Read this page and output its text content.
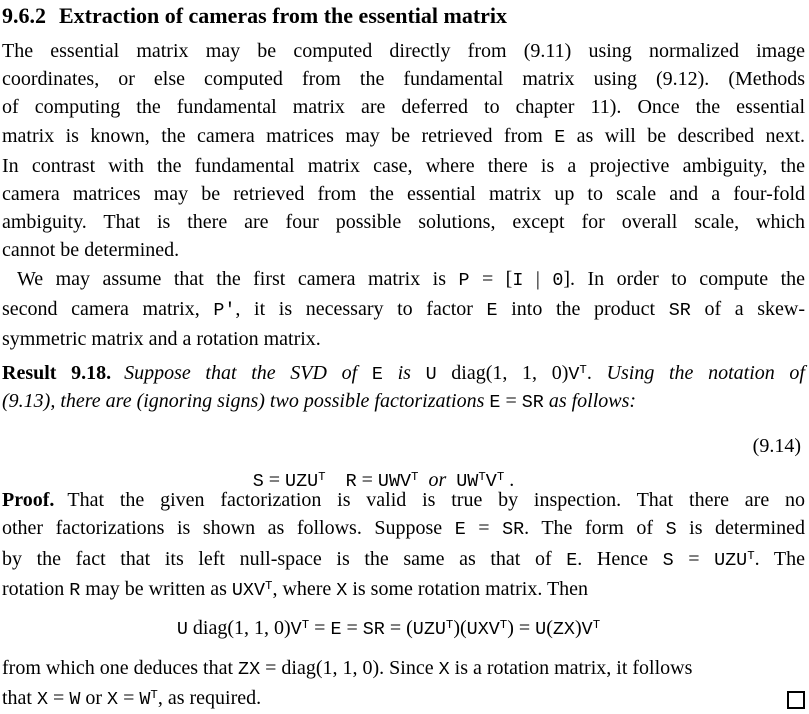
9.6.2 Extraction of cameras from the essential matrix
The essential matrix may be computed directly from (9.11) using normalized image
coordinates, or else computed from the fundamental matrix using (9.12). (Methods
of computing the fundamental matrix are deferred to chapter 11). Once the essential
matrix is known, the camera matrices may be retrieved from E as will be described next.
In contrast with the fundamental matrix case, where there is a projective ambiguity, the
camera matrices may be retrieved from the essential matrix up to scale and a four-fold
ambiguity. That is there are four possible solutions, except for overall scale, which
cannot be determined.
We may assume that the first camera matrix is P = [I | 0]. In order to compute the
second camera matrix, P′, it is necessary to factor E into the product SR of a skew-
symmetric matrix and a rotation matrix.
Result 9.18. Suppose that the SVD of E is U diag(1, 1, $0)V^T$. Using the notation of
(9.13), there are (ignoring signs) two possible factorizations E = SR as follows:

$S = UZU^T$ $R = UWV^T$ or $UW^TV^T$ .

(9.14)

Proof. That the given factorization is valid is true by inspection. That there are no
other factorizations is shown as follows. Suppose E = SR. The form of S is determined
by the fact that its left null-space is the same as that of E. Hence $S = UZU^T$. The
rotation R may be written as $UXV^T$, where X is some rotation matrix. Then
U diag(1, 1, $0)V^T = E$ = SR = $(UZU^T)(UXV^T) = U(ZX)V^T$
from which one deduces that ZX = diag(1, 1, 0). Since X is a rotation matrix, it follows
that X = W or $X = W^T$, as required.
